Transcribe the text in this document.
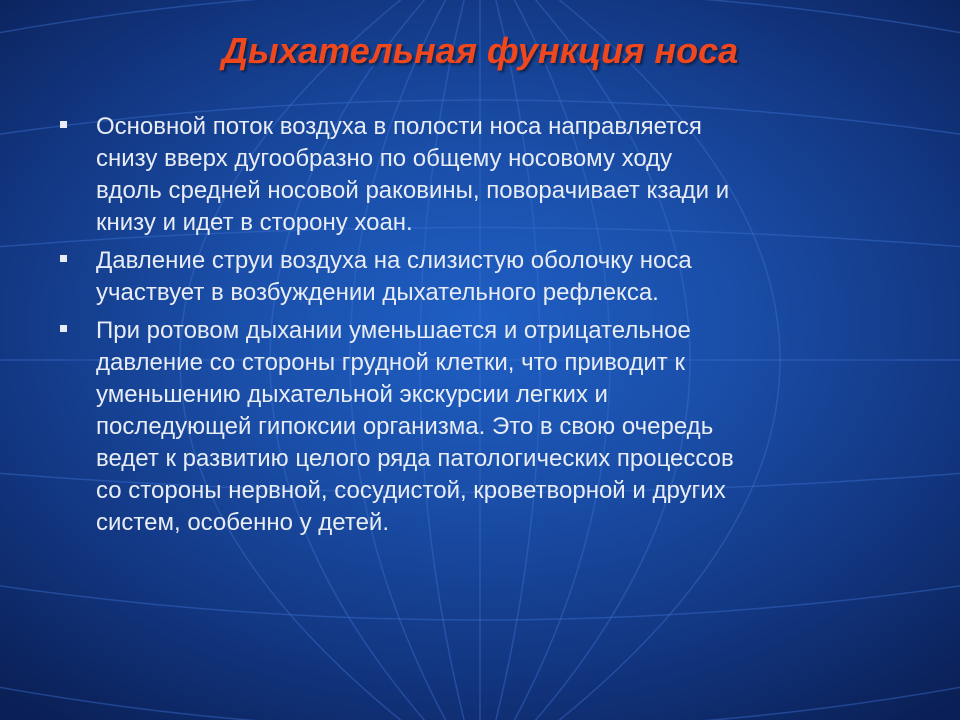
Дыхательная функция носа
Основной поток воздуха в полости носа направляется
снизу вверх дугообразно по общему носовому ходу
вдоль средней носовой раковины, поворачивает кзади и
книзу и идет в сторону хоан.
Давление струи воздуха на слизистую оболочку носа
участвует в возбуждении дыхательного рефлекса.
При ротовом дыхании уменьшается и отрицательное
давление со стороны грудной клетки, что приводит к
уменьшению дыхательной экскурсии легких и
последующей гипоксии организма. Это в свою очередь
ведет к развитию целого ряда патологических процессов
со стороны нервной, сосудистой, кроветворной и других
систем, особенно у детей.
